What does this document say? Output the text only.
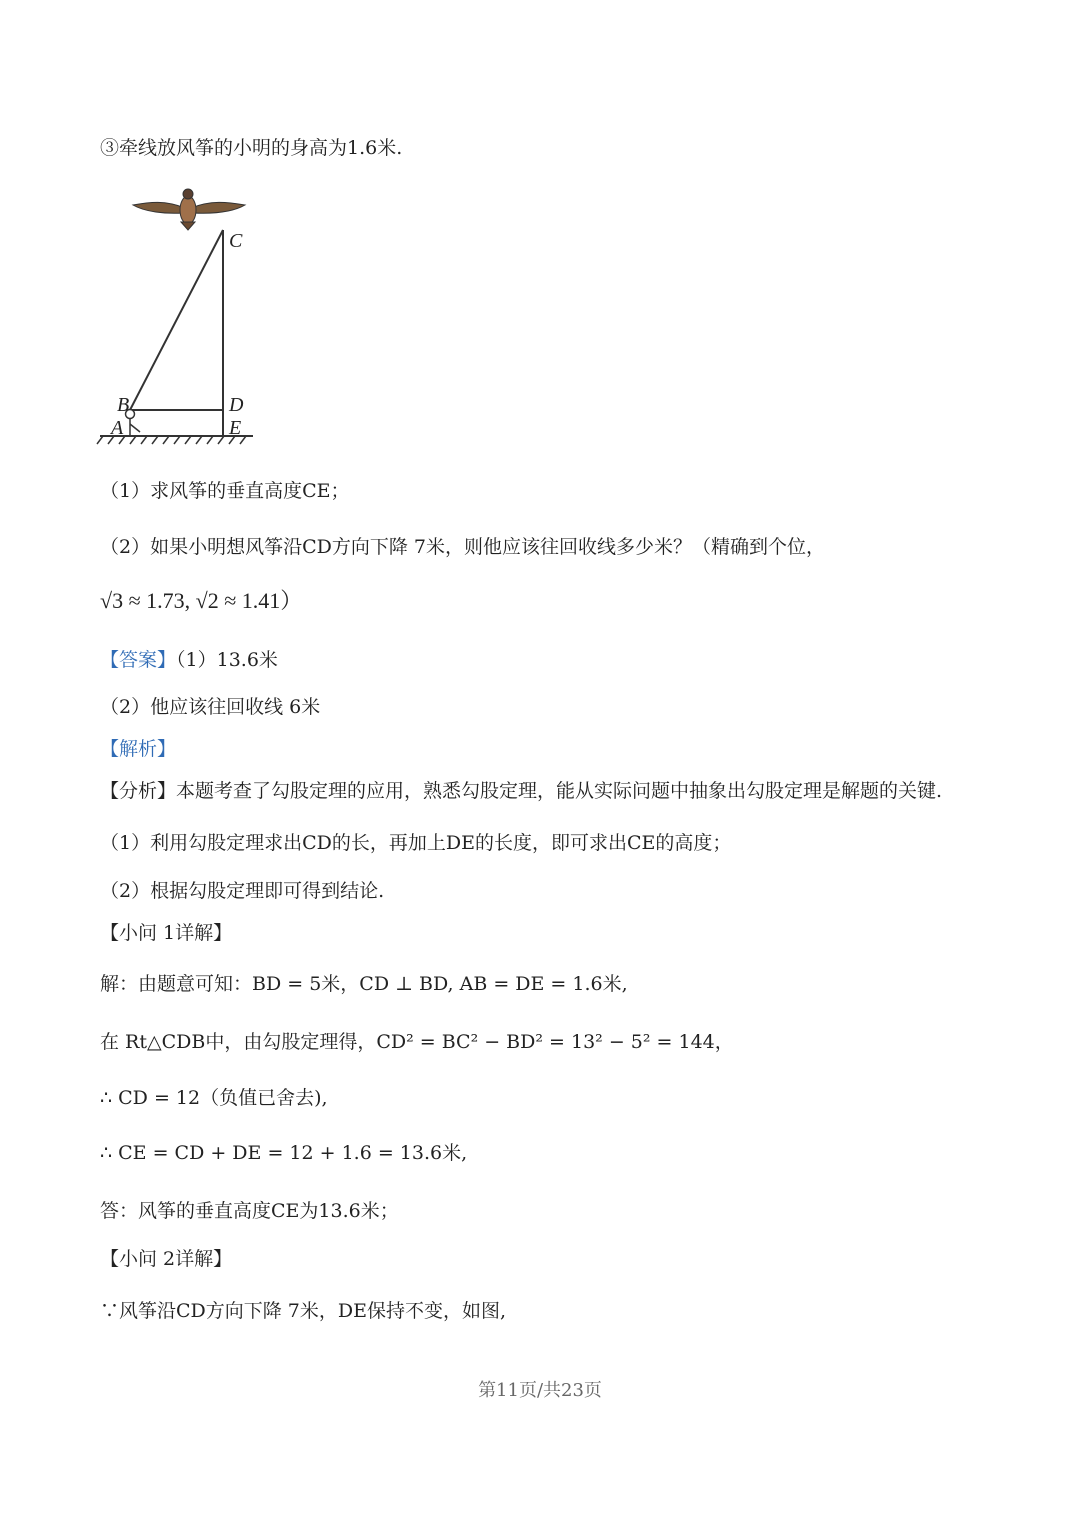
③牵线放风筝的小明的身高为1.6米.
C
B	D
A	E
（1）求风筝的垂直高度CE；
（2）如果小明想风筝沿CD方向下降 7米，则他应该往回收线多少米？（精确到个位，
√3 ≈ 1.73, √2 ≈ 1.41）
【答案】（1）13.6米
（2）他应该往回收线 6米
【解析】
【分析】本题考查了勾股定理的应用，熟悉勾股定理，能从实际问题中抽象出勾股定理是解题的关键.
（1）利用勾股定理求出CD的长，再加上DE的长度，即可求出CE的高度；
（2）根据勾股定理即可得到结论.
【小问 1详解】
解：由题意可知：BD = 5米，CD ⊥ BD, AB = DE = 1.6米,
在 Rt△CDB中，由勾股定理得，CD² = BC² − BD² = 13² − 5² = 144，
∴ CD = 12（负值已舍去),
∴ CE = CD + DE = 12 + 1.6 = 13.6米,
答：风筝的垂直高度CE为13.6米；
【小问 2详解】
∵风筝沿CD方向下降 7米，DE保持不变，如图,
第11页/共23页
